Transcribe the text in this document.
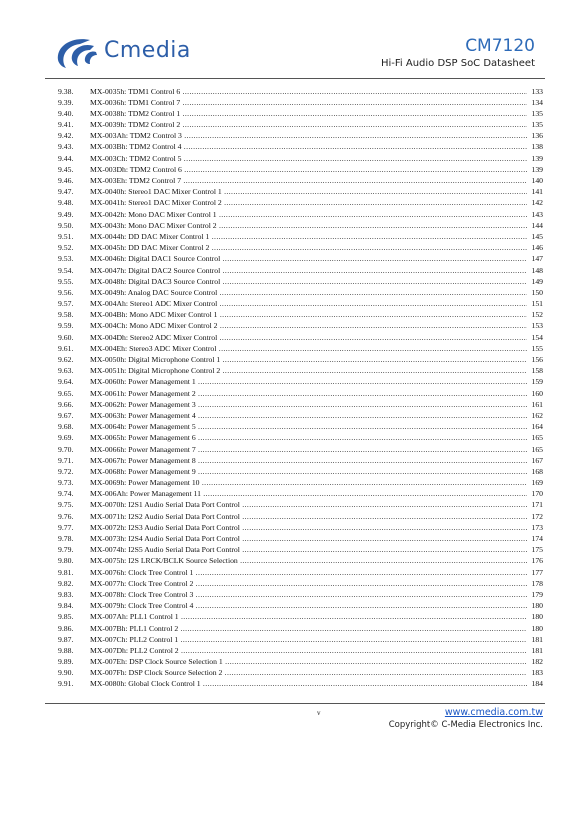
Cmedia	CM7120
Hi-Fi Audio DSP SoC Datasheet
9.38. MX-0035h: TDM1 Control 6 .....	133
9.39. MX-0036h: TDM1 Control 7 .....	134
9.40. MX-0038h: TDM2 Control 1 .....	135
9.41. MX-0039h: TDM2 Control 2 .....	135
9.42. MX-003Ah: TDM2 Control 3 .....	136
9.43. MX-003Bh: TDM2 Control 4 .....	138
9.44. MX-003Ch: TDM2 Control 5 .....	139
9.45. MX-003Dh: TDM2 Control 6 .....	139
9.46. MX-003Eh: TDM2 Control 7 .....	140
9.47. MX-0040h: Stereo1 DAC Mixer Control 1 .....	141
9.48. MX-0041h: Stereo1 DAC Mixer Control 2 .....	142
9.49. MX-0042h: Mono DAC Mixer Control 1 .....	143
9.50. MX-0043h: Mono DAC Mixer Control 2 .....	144
9.51. MX-0044h: DD DAC Mixer Control 1 .....	145
9.52. MX-0045h: DD DAC Mixer Control 2 .....	146
9.53. MX-0046h: Digital DAC1 Source Control .....	147
9.54. MX-0047h: Digital DAC2 Source Control .....	148
9.55. MX-0048h: Digital DAC3 Source Control .....	149
9.56. MX-0049h: Analog DAC Source Control .....	150
9.57. MX-004Ah: Stereo1 ADC Mixer Control .....	151
9.58. MX-004Bh: Mono ADC Mixer Control 1 .....	152
9.59. MX-004Ch: Mono ADC Mixer Control 2 .....	153
9.60. MX-004Dh: Stereo2 ADC Mixer Control .....	154
9.61. MX-004Eh: Stereo3 ADC Mixer Control .....	155
9.62. MX-0050h: Digital Microphone Control 1 .....	156
9.63. MX-0051h: Digital Microphone Control 2 .....	158
9.64. MX-0060h: Power Management 1 .....	159
9.65. MX-0061h: Power Management 2 .....	160
9.66. MX-0062h: Power Management 3 .....	161
9.67. MX-0063h: Power Management 4 .....	162
9.68. MX-0064h: Power Management 5 .....	164
9.69. MX-0065h: Power Management 6 .....	165
9.70. MX-0066h: Power Management 7 .....	165
9.71. MX-0067h: Power Management 8 .....	167
9.72. MX-0068h: Power Management 9 .....	168
9.73. MX-0069h: Power Management 10 .....	169
9.74. MX-006Ah: Power Management 11 .....	170
9.75. MX-0070h: I2S1 Audio Serial Data Port Control .....	171
9.76. MX-0071h: I2S2 Audio Serial Data Port Control .....	172
9.77. MX-0072h: I2S3 Audio Serial Data Port Control .....	173
9.78. MX-0073h: I2S4 Audio Serial Data Port Control .....	174
9.79. MX-0074h: I2S5 Audio Serial Data Port Control .....	175
9.80. MX-0075h: I2S LRCK/BCLK Source Selection .....	176
9.81. MX-0076h: Clock Tree Control 1 .....	177
9.82. MX-0077h: Clock Tree Control 2 .....	178
9.83. MX-0078h: Clock Tree Control 3 .....	179
9.84. MX-0079h: Clock Tree Control 4 .....	180
9.85. MX-007Ah: PLL1 Control 1 .....	180
9.86. MX-007Bh: PLL1 Control 2 .....	180
9.87. MX-007Ch: PLL2 Control 1 .....	181
9.88. MX-007Dh: PLL2 Control 2 .....	181
9.89. MX-007Eh: DSP Clock Source Selection 1 .....	182
9.90. MX-007Fh: DSP Clock Source Selection 2 .....	183
9.91. MX-0080h: Global Clock Control 1 .....	184
v	www.cmedia.com.tw
Copyright© C-Media Electronics Inc.
